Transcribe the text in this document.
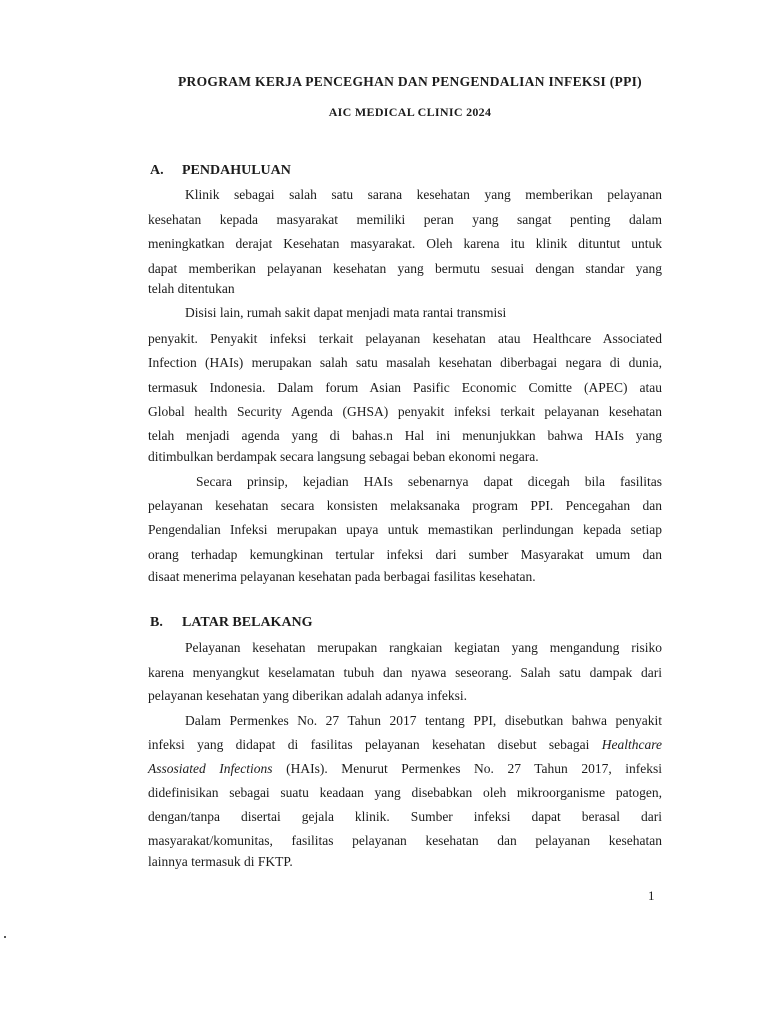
PROGRAM KERJA PENCEGHAN DAN PENGENDALIAN INFEKSI (PPI)
AIC MEDICAL CLINIC 2024
A. PENDAHULUAN
Klinik sebagai salah satu sarana kesehatan yang memberikan pelayanan
kesehatan kepada masyarakat memiliki peran yang sangat penting dalam
meningkatkan derajat Kesehatan masyarakat. Oleh karena itu klinik dituntut untuk
dapat memberikan pelayanan kesehatan yang bermutu sesuai dengan standar yang
telah ditentukan
Disisi lain, rumah sakit dapat menjadi mata rantai transmisi
penyakit. Penyakit infeksi terkait pelayanan kesehatan atau Healthcare Associated
Infection (HAIs) merupakan salah satu masalah kesehatan diberbagai negara di dunia,
termasuk Indonesia. Dalam forum Asian Pasific Economic Comitte (APEC) atau
Global health Security Agenda (GHSA) penyakit infeksi terkait pelayanan kesehatan
telah menjadi agenda yang di bahas.n Hal ini menunjukkan bahwa HAIs yang
ditimbulkan berdampak secara langsung sebagai beban ekonomi negara.
Secara prinsip, kejadian HAIs sebenarnya dapat dicegah bila fasilitas
pelayanan kesehatan secara konsisten melaksanaka program PPI. Pencegahan dan
Pengendalian Infeksi merupakan upaya untuk memastikan perlindungan kepada setiap
orang terhadap kemungkinan tertular infeksi dari sumber Masyarakat umum dan
disaat menerima pelayanan kesehatan pada berbagai fasilitas kesehatan.
B. LATAR BELAKANG
Pelayanan kesehatan merupakan rangkaian kegiatan yang mengandung risiko
karena menyangkut keselamatan tubuh dan nyawa seseorang. Salah satu dampak dari
pelayanan kesehatan yang diberikan adalah adanya infeksi.
Dalam Permenkes No. 27 Tahun 2017 tentang PPI, disebutkan bahwa penyakit
infeksi yang didapat di fasilitas pelayanan kesehatan disebut sebagai Healthcare
Assosiated Infections (HAIs). Menurut Permenkes No. 27 Tahun 2017, infeksi
didefinisikan sebagai suatu keadaan yang disebabkan oleh mikroorganisme patogen,
dengan/tanpa disertai gejala klinik. Sumber infeksi dapat berasal dari
masyarakat/komunitas, fasilitas pelayanan kesehatan dan pelayanan kesehatan
lainnya termasuk di FKTP.
1
